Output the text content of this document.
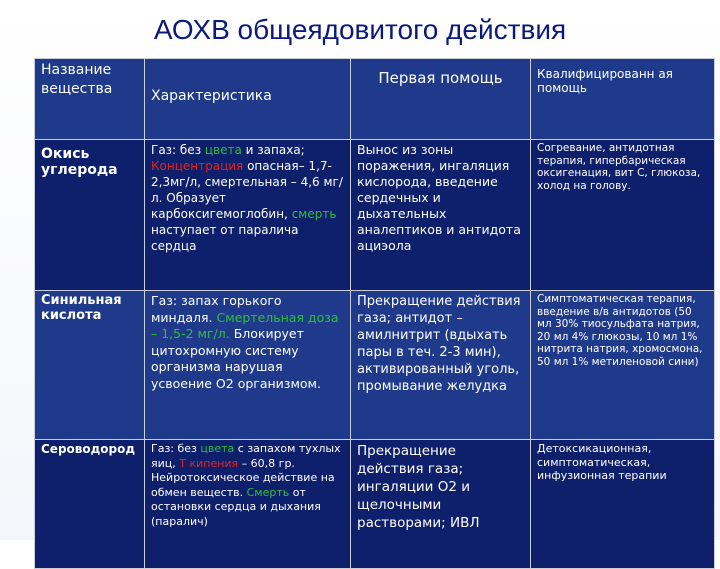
АОХВ общеядовитого действия
Название вещества	Характеристика	Первая помощь	Квалифицированн ая помощь
Окись углерода	Газ: без цвета и запаха; Концентрация опасная– 1,7-2,3мг/л, смертельная – 4,6 мг/л. Образует карбоксигемоглобин, смерть наступает от паралича сердца	Вынос из зоны поражения, ингаляция кислорода, введение сердечных и дыхательных аналептиков и антидота ациэола	Согревание, антидотная терапия, гипербарическая оксигенация, вит С, глюкоза, холод на голову.
Синильная кислота	Газ: запах горького миндаля. Смертельная доза – 1,5-2 мг/л. Блокирует цитохромную систему организма нарушая усвоение О2 организмом.	Прекращение действия газа; антидот – амилнитрит (вдыхать пары в теч. 2-3 мин), активированный уголь, промывание желудка	Симптоматическая терапия, введение в/в антидотов (50 мл 30% тиосульфата натрия, 20 мл 4% глюкозы, 10 мл 1% нитрита натрия, хромосмона, 50 мл 1% метиленовой сини)
Сероводород	Газ: без цвета с запахом тухлых яиц, Т кипения – 60,8 гр. Нейротоксическое действие на обмен веществ. Смерть от остановки сердца и дыхания (паралич)	Прекращение действия газа; ингаляции О2 и щелочными растворами; ИВЛ	Детоксикационная, симптоматическая, инфузионная терапии
